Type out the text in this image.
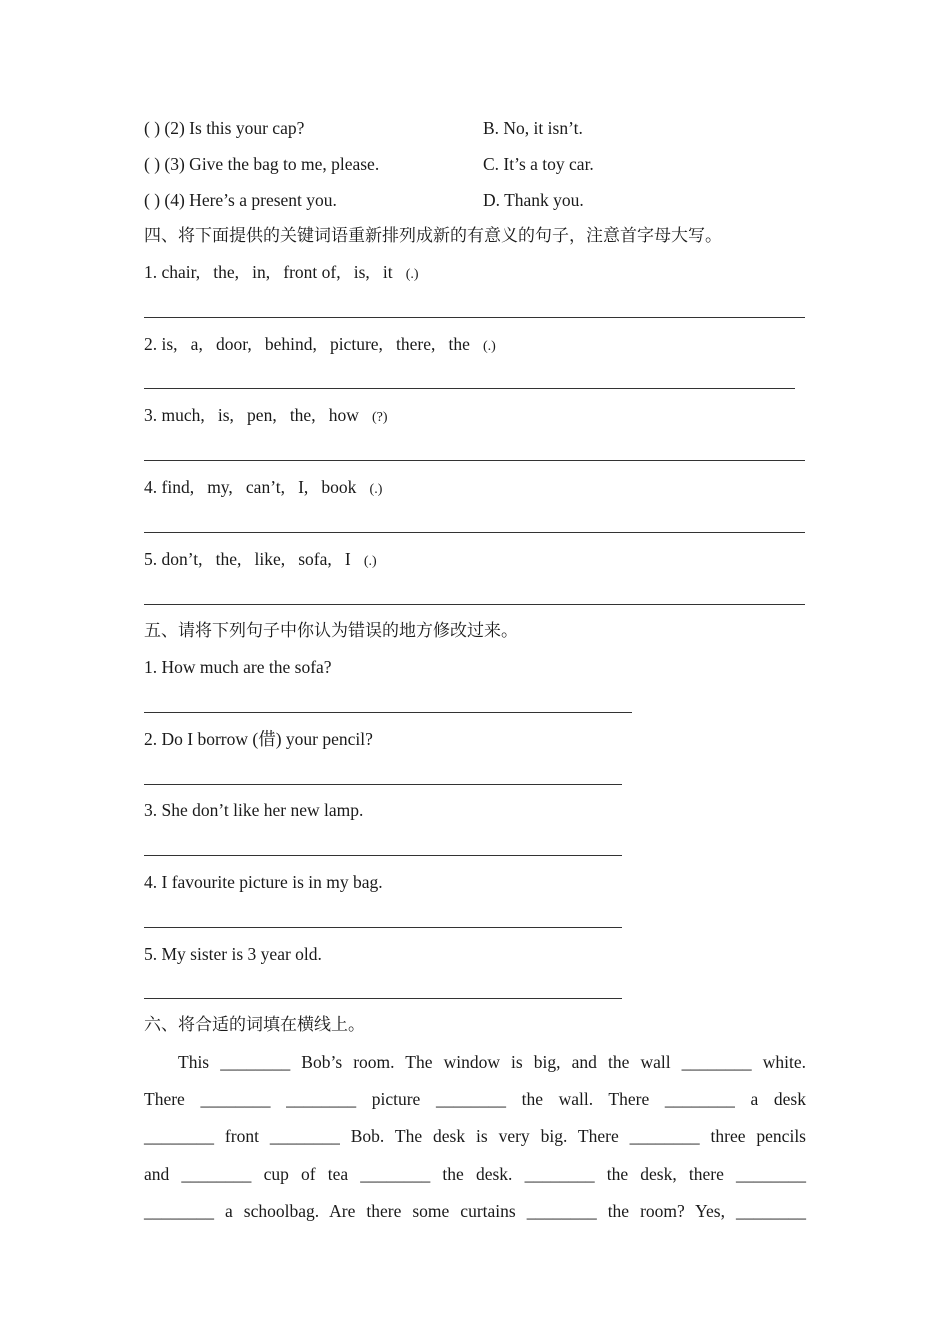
( ) (2) Is this your cap?	B. No, it isn’t.
( ) (3) Give the bag to me, please.	C. It’s a toy car.
( ) (4) Here’s a present you.	D. Thank you.
四、将下面提供的关键词语重新排列成新的有意义的句子，注意首字母大写。
1. chair,   the,   in,   front of,   is,   it (.)
2. is,   a,   door,   behind,   picture,   there,   the (.)
3. much,   is,   pen,   the,   how (?)
4. find,   my,   can’t,   I,   book (.)
5. don’t,   the,   like,   sofa,   I (.)
五、请将下列句子中你认为错误的地方修改过来。
1. How much are the sofa?
2. Do I borrow (借) your pencil?
3. She don’t like her new lamp.
4. I favourite picture is in my bag.
5. My sister is 3 year old.
六、将合适的词填在横线上。
This ________ Bob’s room. The window is big, and the wall ________ white.
There ________ ________ picture ________ the wall. There ________ a desk
________ front ________ Bob. The desk is very big. There ________ three pencils
and ________ cup of tea ________ the desk. ________ the desk, there ________
________ a schoolbag. Are there some curtains ________ the room? Yes, ________
